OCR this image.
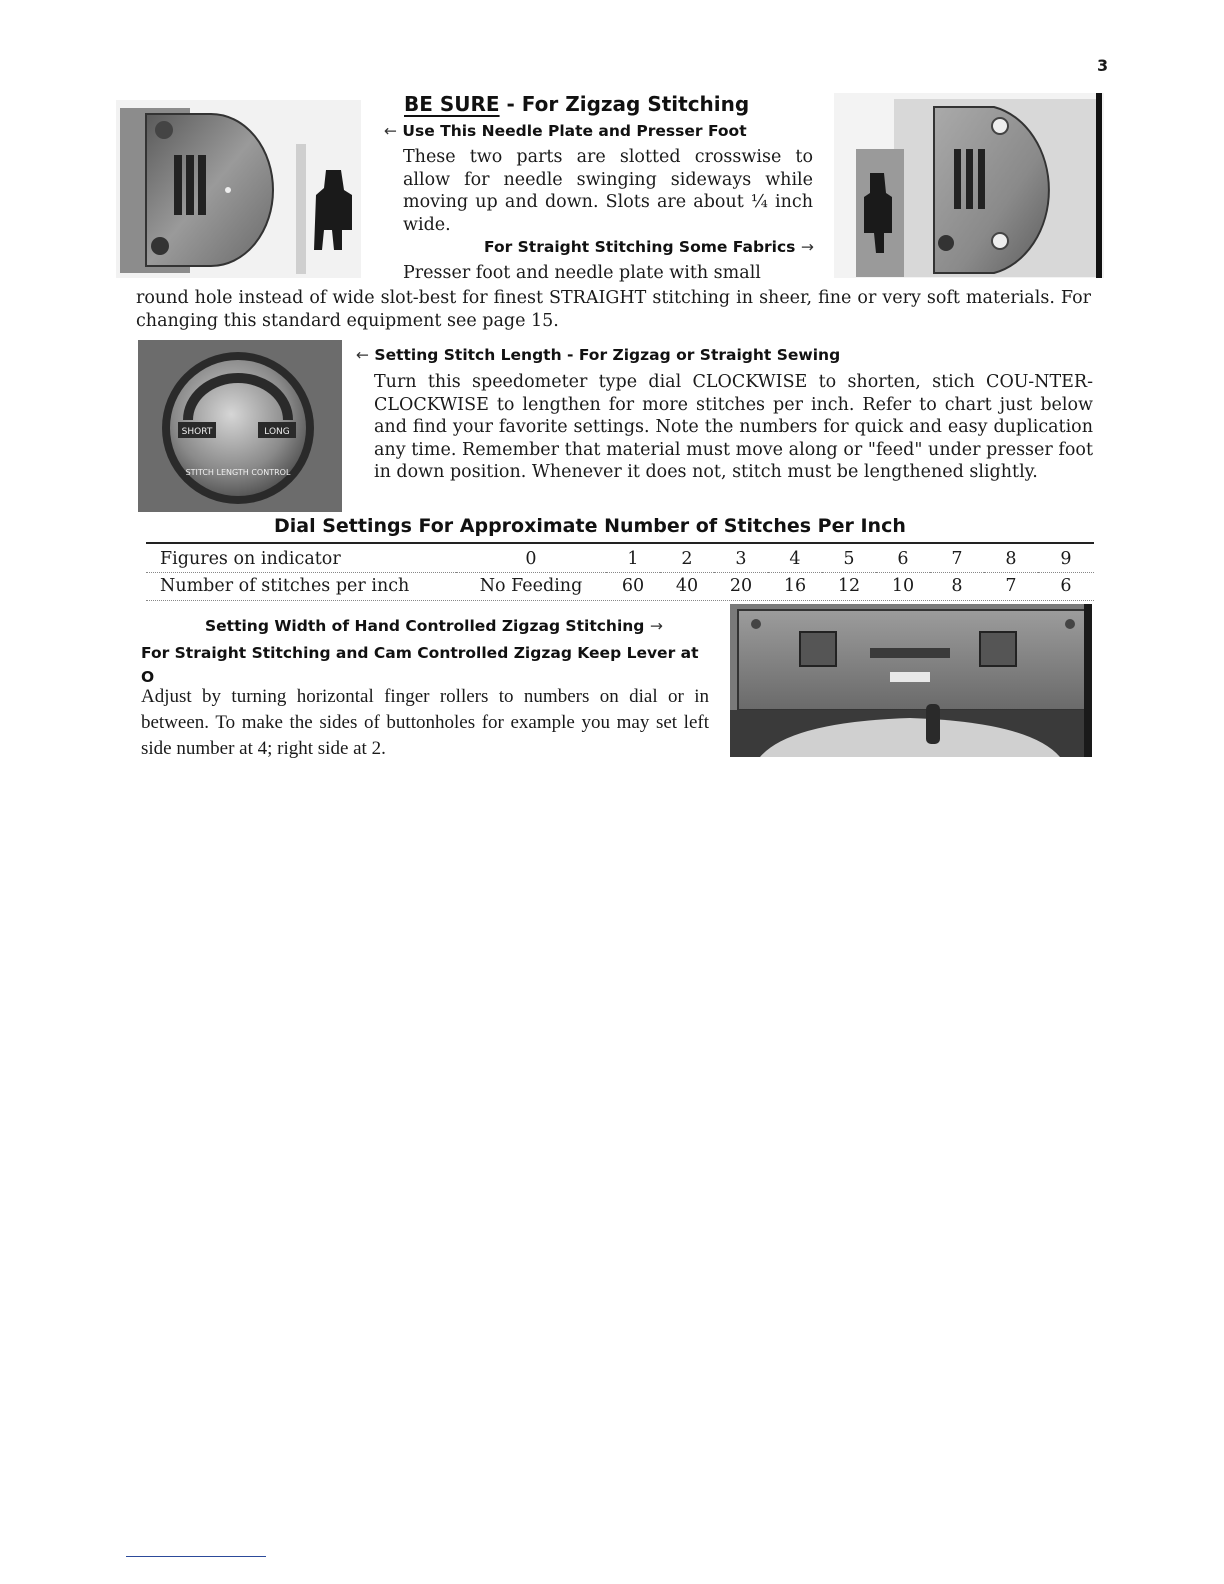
3
BE SURE - For Zigzag Stitching
← Use This Needle Plate and Presser Foot
These two parts are slotted crosswise to allow for needle swinging sideways while moving up and down. Slots are about ¼ inch wide.
For Straight Stitching Some Fabrics →
Presser foot and needle plate with small
round hole instead of wide slot-best for finest STRAIGHT stitching in sheer, fine or very soft materials. For changing this standard equipment see page 15.
SHORT	LONG
STITCH LENGTH CONTROL
← Setting Stitch Length - For Zigzag or Straight Sewing
Turn this speedometer type dial CLOCKWISE to shorten, stich COU-NTER-CLOCKWISE to lengthen for more stitches per inch. Refer to chart just below and find your favorite settings. Note the numbers for quick and easy duplication any time. Remember that material must move along or "feed" under presser foot in down position. Whenever it does not, stitch must be lengthened slightly.
Dial Settings For Approximate Number of Stitches Per Inch
Figures on indicator	0	1	2	3	4	5	6	7	8	9
Number of stitches per inch	No Feeding	60	40	20	16	12	10	8	7	6
Setting Width of Hand Controlled Zigzag Stitching →
For Straight Stitching and Cam Controlled Zigzag Keep Lever at O
Adjust by turning horizontal finger rollers to numbers on dial or in between. To make the sides of buttonholes for example you may set left side number at 4; right side at 2.
